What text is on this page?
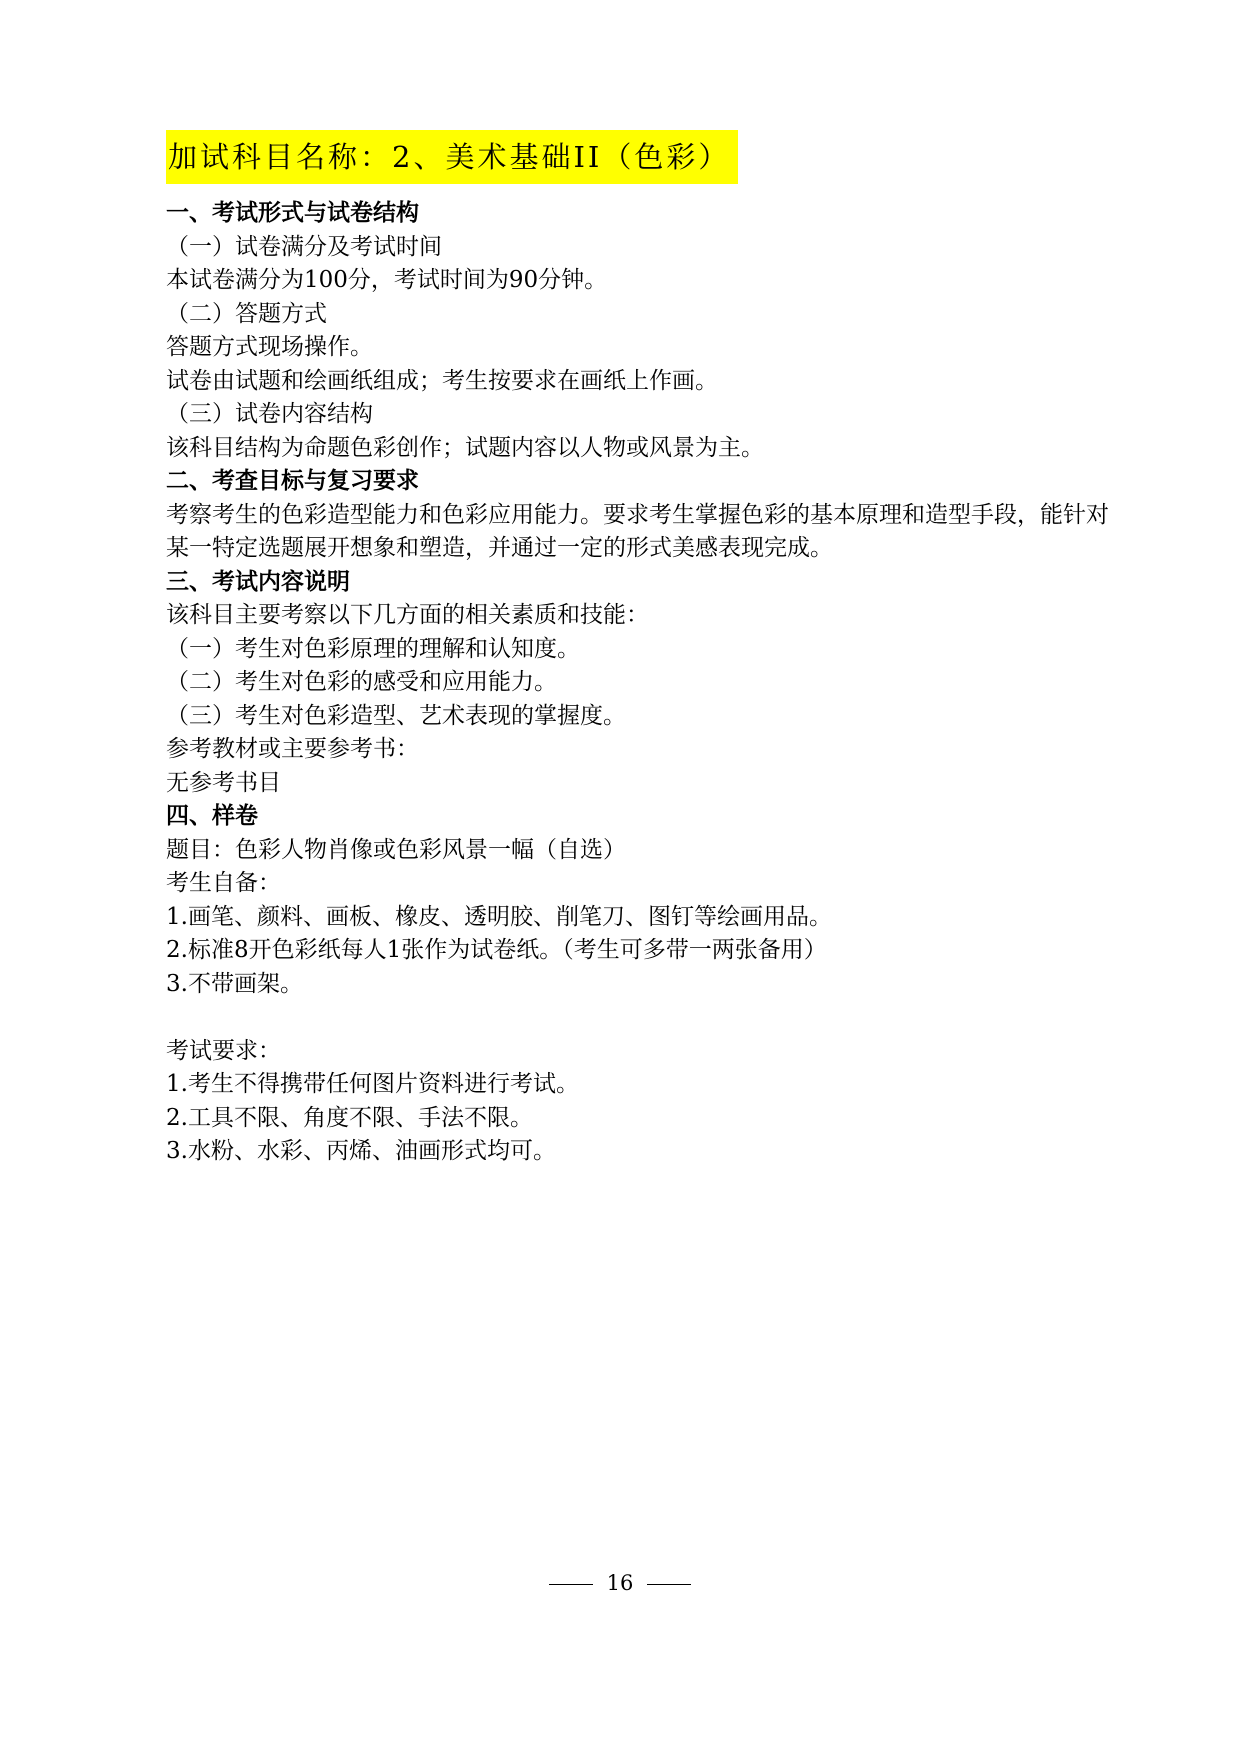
加试科目名称：2、美术基础II（色彩）
一、考试形式与试卷结构
（一）试卷满分及考试时间
本试卷满分为100分，考试时间为90分钟。
（二）答题方式
答题方式现场操作。
试卷由试题和绘画纸组成；考生按要求在画纸上作画。
（三）试卷内容结构
该科目结构为命题色彩创作；试题内容以人物或风景为主。
二、考查目标与复习要求
考察考生的色彩造型能力和色彩应用能力。要求考生掌握色彩的基本原理和造型手段，能针对某一特定选题展开想象和塑造，并通过一定的形式美感表现完成。
三、考试内容说明
该科目主要考察以下几方面的相关素质和技能：
（一）考生对色彩原理的理解和认知度。
（二）考生对色彩的感受和应用能力。
（三）考生对色彩造型、艺术表现的掌握度。
参考教材或主要参考书：
无参考书目
四、样卷
题目：色彩人物肖像或色彩风景一幅（自选）
考生自备：
1.画笔、颜料、画板、橡皮、透明胶、削笔刀、图钉等绘画用品。
2.标准8开色彩纸每人1张作为试卷纸。（考生可多带一两张备用）
3.不带画架。
考试要求：
1.考生不得携带任何图片资料进行考试。
2.工具不限、角度不限、手法不限。
3.水粉、水彩、丙烯、油画形式均可。
16
